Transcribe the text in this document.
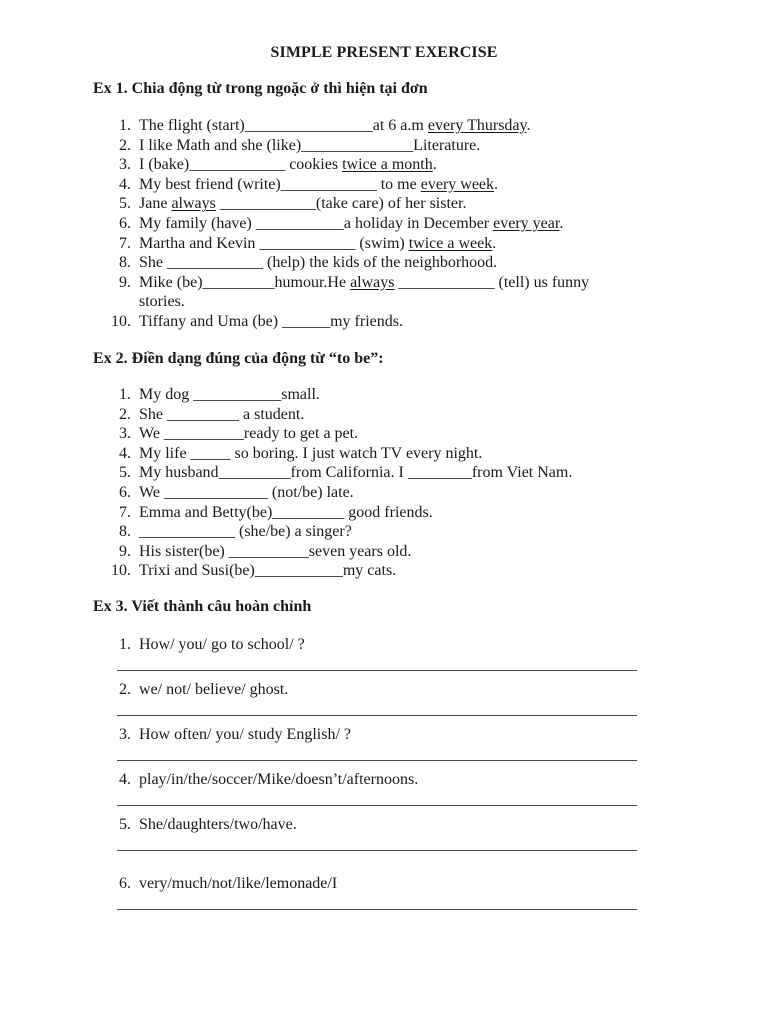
SIMPLE PRESENT EXERCISE
Ex 1. Chia động từ trong ngoặc ở thì hiện tại đơn
1. The flight (start)________________at 6 a.m every Thursday.
2. I like Math and she (like)______________Literature.
3. I (bake)____________ cookies twice a month.
4. My best friend (write)____________ to me every week.
5. Jane always ____________(take care) of her sister.
6. My family (have) ___________a holiday in December every year.
7. Martha and Kevin ____________ (swim) twice a week.
8. She ____________ (help) the kids of the neighborhood.
9. Mike (be)_________humour.He always ____________ (tell) us funny
stories.
10. Tiffany and Uma (be) ______my friends.
Ex 2. Điền dạng đúng của động từ “to be”:
1. My dog ___________small.
2. She _________ a student.
3. We __________ready to get a pet.
4. My life _____ so boring. I just watch TV every night.
5. My husband_________from California. I ________from Viet Nam.
6. We _____________ (not/be) late.
7. Emma and Betty(be)_________ good friends.
8. ____________ (she/be) a singer?
9. His sister(be) __________seven years old.
10. Trixi and Susi(be)___________my cats.
Ex 3. Viết thành câu hoàn chỉnh
1. How/ you/ go to school/ ?
_________________________________________________________________
2. we/ not/ believe/ ghost.
_________________________________________________________________
3. How often/ you/ study English/ ?
_________________________________________________________________
4. play/in/the/soccer/Mike/doesn’t/afternoons.
_________________________________________________________________
5. She/daughters/two/have.
_________________________________________________________________
6. very/much/not/like/lemonade/I
_________________________________________________________________
